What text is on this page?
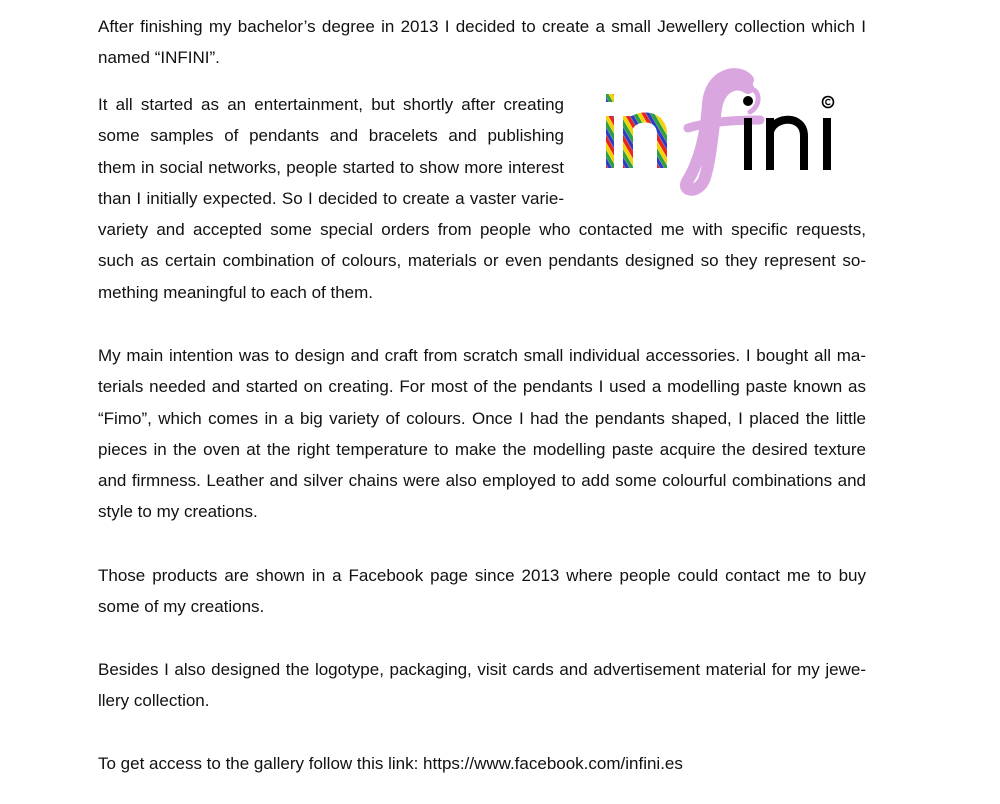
After finishing my bachelor’s degree in 2013 I decided to create a small Jewellery collection which I
named “INFINI”.
It all started as an entertainment, but shortly after creating
some samples of pendants and bracelets and publishing
them in social networks, people started to show more interest
than I initially expected. So I decided to create a vaster varie-
variety and accepted some special orders from people who contacted me with specific requests,
such as certain combination of colours, materials or even pendants designed so they represent so-
mething meaningful to each of them.
My main intention was to design and craft from scratch small individual accessories. I bought all ma-
terials needed and started on creating. For most of the pendants I used a modelling paste known as
“Fimo”, which comes in a big variety of colours. Once I had the pendants shaped, I placed the little
pieces in the oven at the right temperature to make the modelling paste acquire the desired texture
and firmness. Leather and silver chains were also employed to add some colourful combinations and
style to my creations.
Those products are shown in a Facebook page since 2013 where people could contact me to buy
some of my creations.
Besides I also designed the logotype, packaging, visit cards and advertisement material for my jewe-
llery collection.
To get access to the gallery follow this link: https://www.facebook.com/infini.es
